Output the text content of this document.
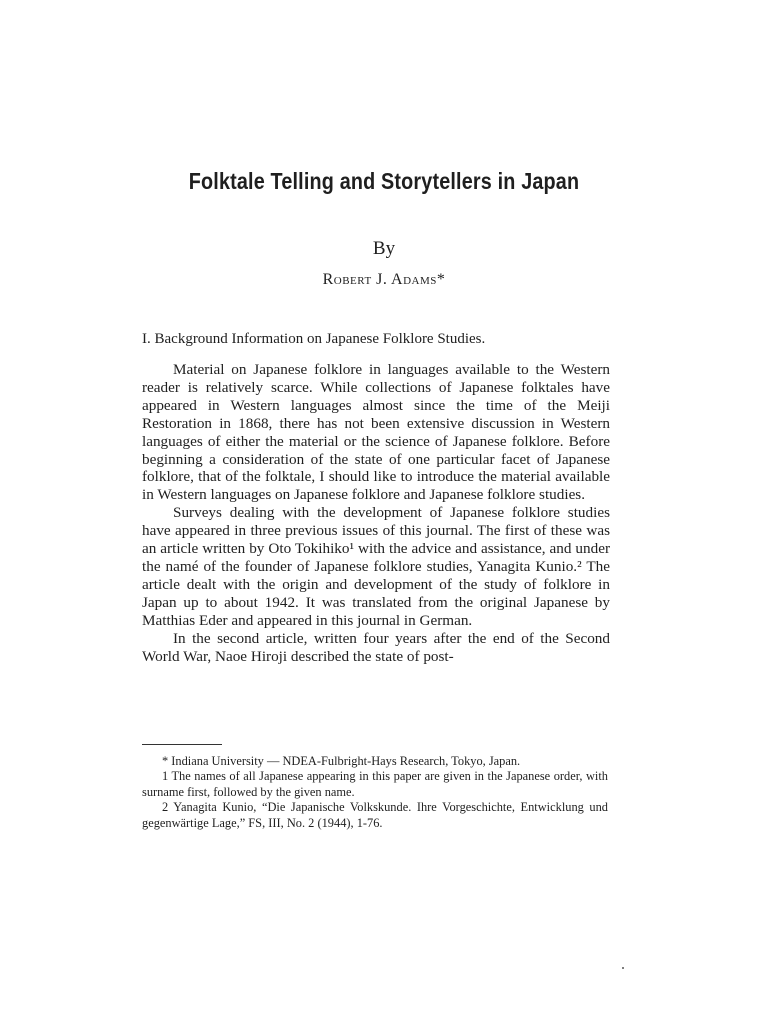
Folktale Telling and Storytellers in Japan
By
Robert J. Adams*
I. Background Information on Japanese Folklore Studies.

Material on Japanese folklore in languages available to the Western reader is relatively scarce. While collections of Japanese folktales have appeared in Western languages almost since the time of the Meiji Restoration in 1868, there has not been extensive discussion in Western languages of either the material or the science of Japanese folklore. Before beginning a consideration of the state of one particular facet of Japanese folklore, that of the folktale, I should like to introduce the material available in Western languages on Japanese folklore and Japanese folklore studies.

Surveys dealing with the development of Japanese folklore studies have appeared in three previous issues of this journal. The first of these was an article written by Oto Tokihiko¹ with the advice and assistance, and under the namé of the founder of Japanese folklore studies, Yanagita Kunio.² The article dealt with the origin and development of the study of folklore in Japan up to about 1942. It was translated from the original Japanese by Matthias Eder and appeared in this journal in German.

In the second article, written four years after the end of the Second World War, Naoe Hiroji described the state of post-

* Indiana University — NDEA-Fulbright-Hays Research, Tokyo, Japan.

1 The names of all Japanese appearing in this paper are given in the Japanese order, with surname first, followed by the given name.

2 Yanagita Kunio, “Die Japanische Volkskunde. Ihre Vorgeschichte, Entwicklung und gegenwärtige Lage,” FS, III, No. 2 (1944), 1-76.
